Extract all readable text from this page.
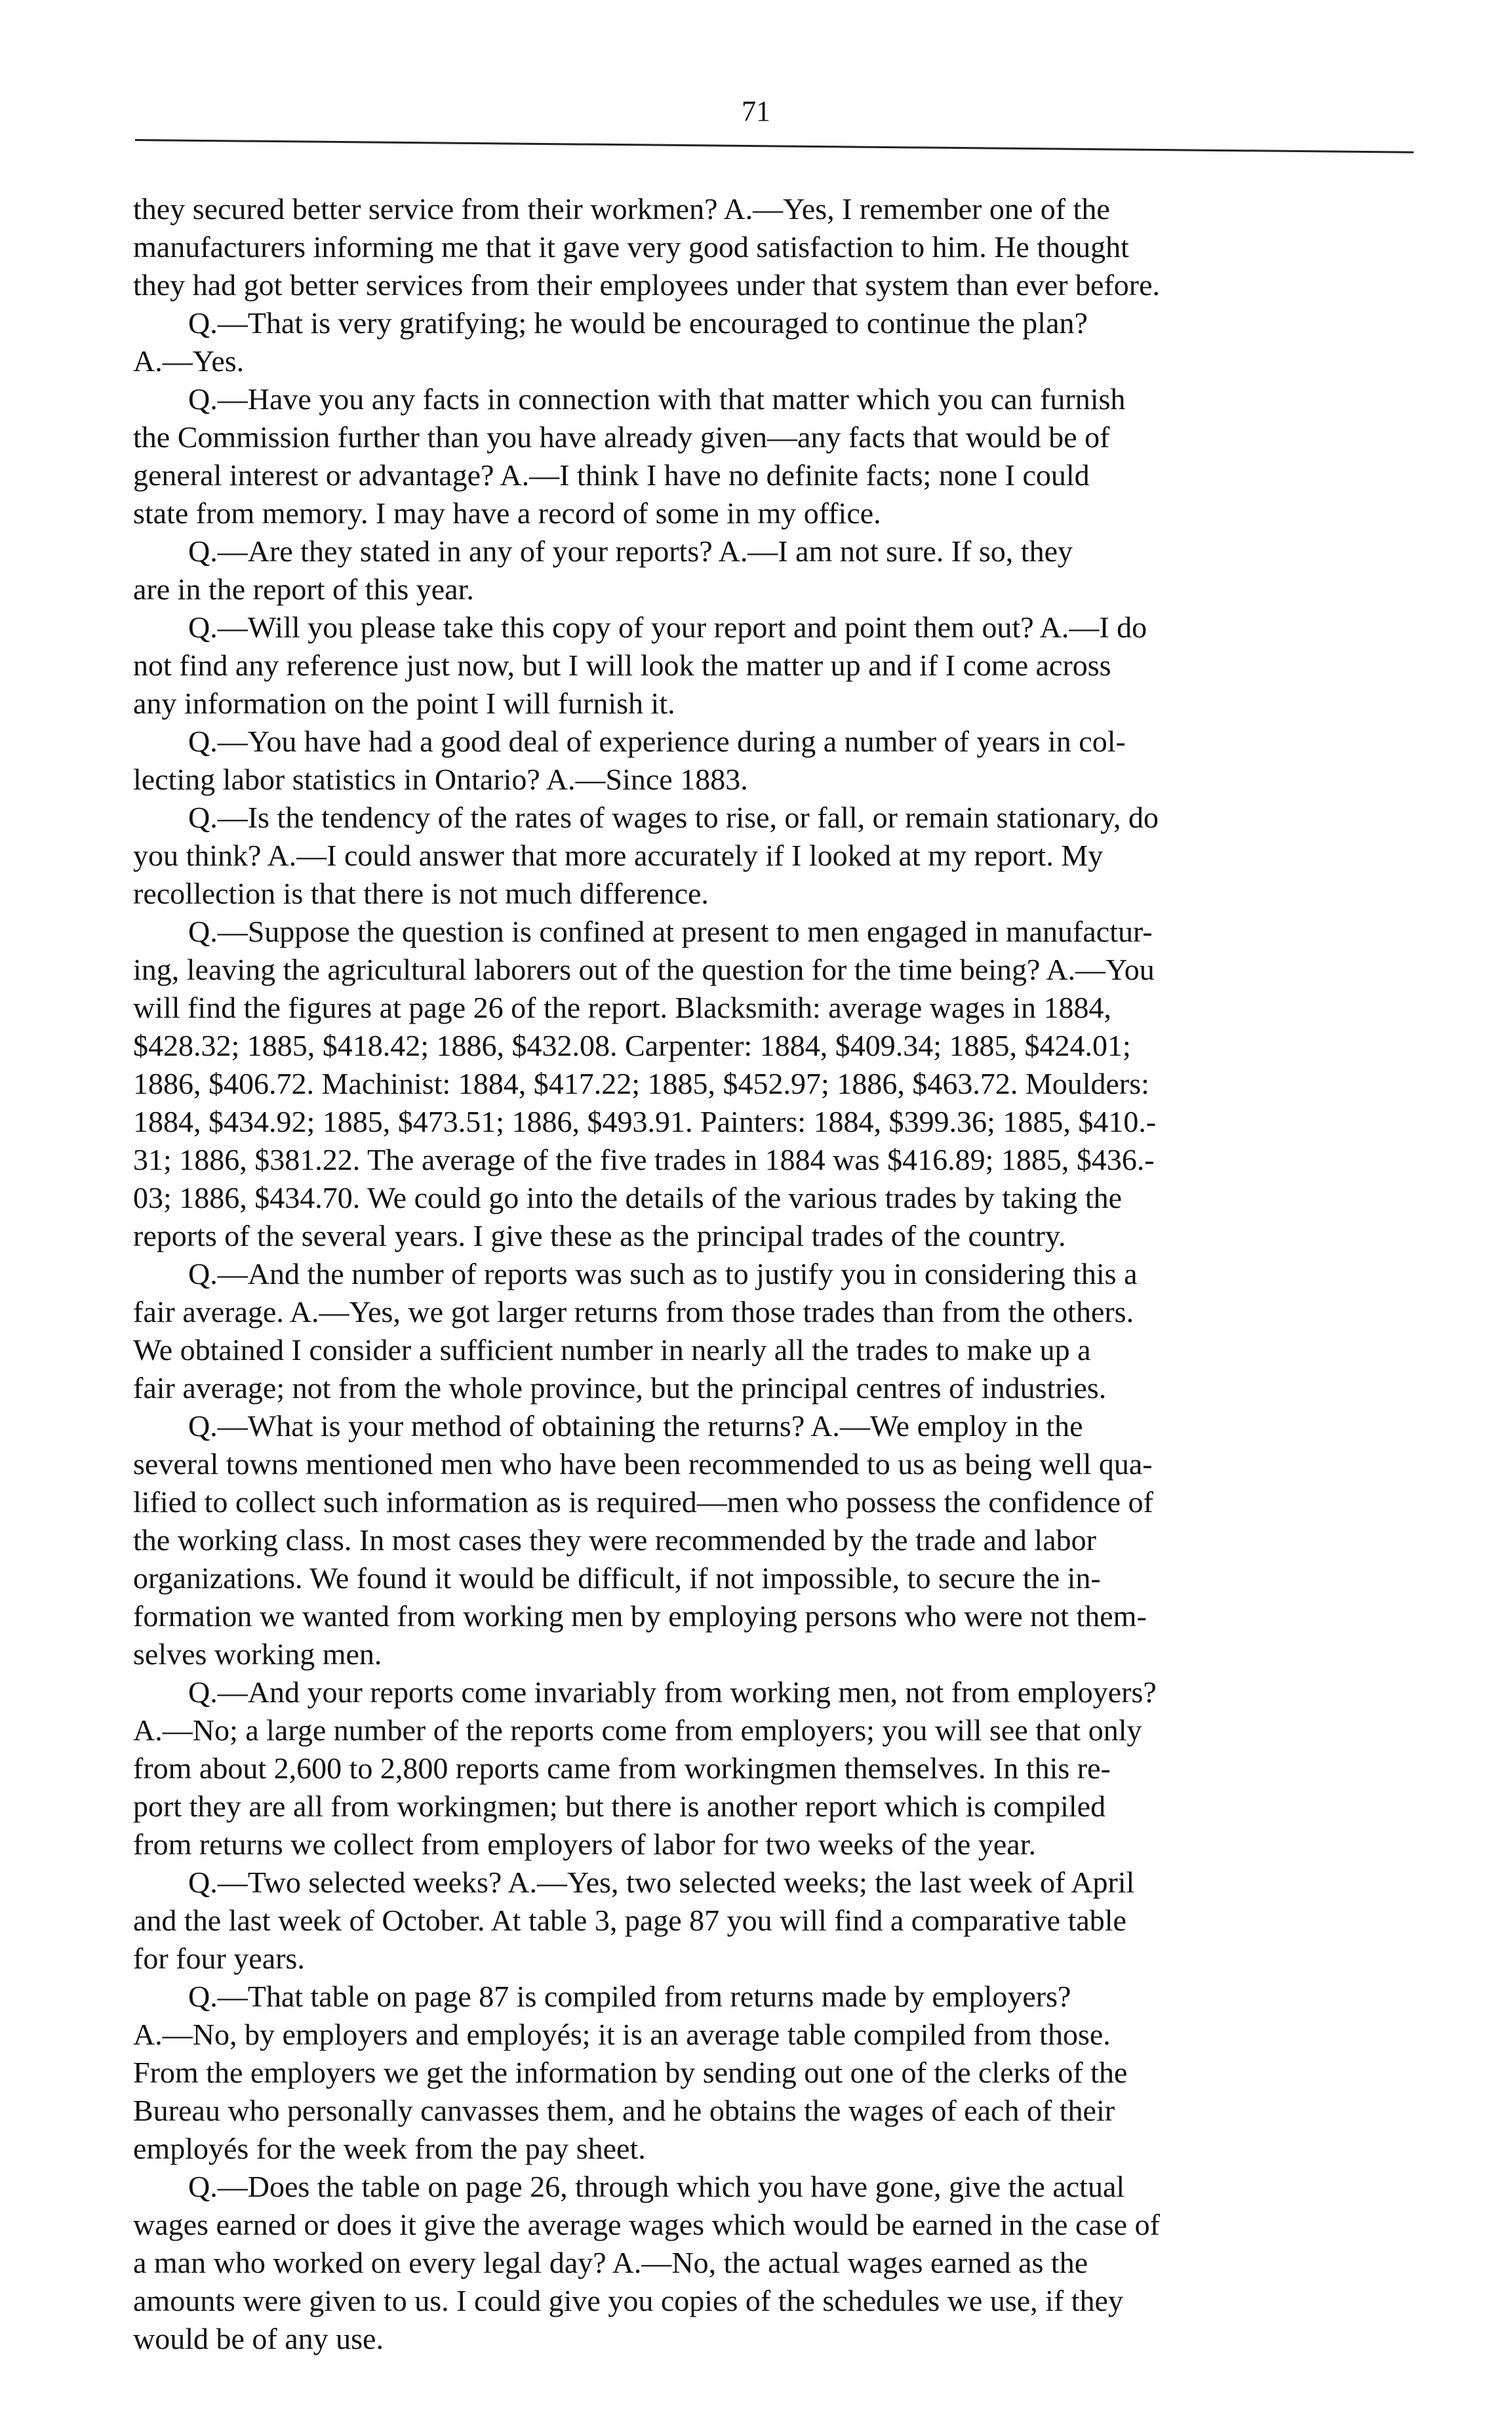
71
they secured better service from their workmen? A.—Yes, I remember one of the
manufacturers informing me that it gave very good satisfaction to him. He thought
they had got better services from their employees under that system than ever before.
Q.—That is very gratifying; he would be encouraged to continue the plan?
A.—Yes.
Q.—Have you any facts in connection with that matter which you can furnish
the Commission further than you have already given—any facts that would be of
general interest or advantage? A.—I think I have no definite facts; none I could
state from memory. I may have a record of some in my office.
Q.—Are they stated in any of your reports? A.—I am not sure. If so, they
are in the report of this year.
Q.—Will you please take this copy of your report and point them out? A.—I do
not find any reference just now, but I will look the matter up and if I come across
any information on the point I will furnish it.
Q.—You have had a good deal of experience during a number of years in col-
lecting labor statistics in Ontario? A.—Since 1883.
Q.—Is the tendency of the rates of wages to rise, or fall, or remain stationary, do
you think? A.—I could answer that more accurately if I looked at my report. My
recollection is that there is not much difference.
Q.—Suppose the question is confined at present to men engaged in manufactur-
ing, leaving the agricultural laborers out of the question for the time being? A.—You
will find the figures at page 26 of the report. Blacksmith: average wages in 1884,
$428.32; 1885, $418.42; 1886, $432.08. Carpenter: 1884, $409.34; 1885, $424.01;
1886, $406.72. Machinist: 1884, $417.22; 1885, $452.97; 1886, $463.72. Moulders:
1884, $434.92; 1885, $473.51; 1886, $493.91. Painters: 1884, $399.36; 1885, $410.-
31; 1886, $381.22. The average of the five trades in 1884 was $416.89; 1885, $436.-
03; 1886, $434.70. We could go into the details of the various trades by taking the
reports of the several years. I give these as the principal trades of the country.
Q.—And the number of reports was such as to justify you in considering this a
fair average. A.—Yes, we got larger returns from those trades than from the others.
We obtained I consider a sufficient number in nearly all the trades to make up a
fair average; not from the whole province, but the principal centres of industries.
Q.—What is your method of obtaining the returns? A.—We employ in the
several towns mentioned men who have been recommended to us as being well qua-
lified to collect such information as is required—men who possess the confidence of
the working class. In most cases they were recommended by the trade and labor
organizations. We found it would be difficult, if not impossible, to secure the in-
formation we wanted from working men by employing persons who were not them-
selves working men.
Q.—And your reports come invariably from working men, not from employers?
A.—No; a large number of the reports come from employers; you will see that only
from about 2,600 to 2,800 reports came from workingmen themselves. In this re-
port they are all from workingmen; but there is another report which is compiled
from returns we collect from employers of labor for two weeks of the year.
Q.—Two selected weeks? A.—Yes, two selected weeks; the last week of April
and the last week of October. At table 3, page 87 you will find a comparative table
for four years.
Q.—That table on page 87 is compiled from returns made by employers?
A.—No, by employers and employés; it is an average table compiled from those.
From the employers we get the information by sending out one of the clerks of the
Bureau who personally canvasses them, and he obtains the wages of each of their
employés for the week from the pay sheet.
Q.—Does the table on page 26, through which you have gone, give the actual
wages earned or does it give the average wages which would be earned in the case of
a man who worked on every legal day? A.—No, the actual wages earned as the
amounts were given to us. I could give you copies of the schedules we use, if they
would be of any use.
